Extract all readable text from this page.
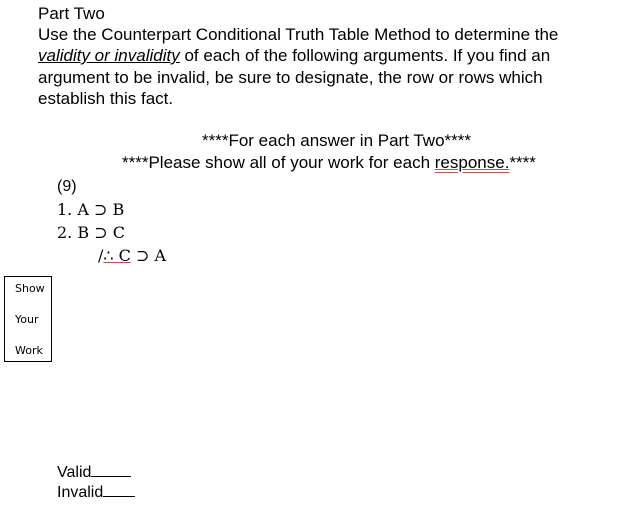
Part Two
Use the Counterpart Conditional Truth Table Method to determine the
validity or invalidity of each of the following arguments. If you find an
argument to be invalid, be sure to designate, the row or rows which
establish this fact.
****For each answer in Part Two****
****Please show all of your work for each response.****
(9)
1. A ⊃ B
2. B ⊃ C
/∴ C ⊃ A
Show
Your
Work
Valid
Invalid
